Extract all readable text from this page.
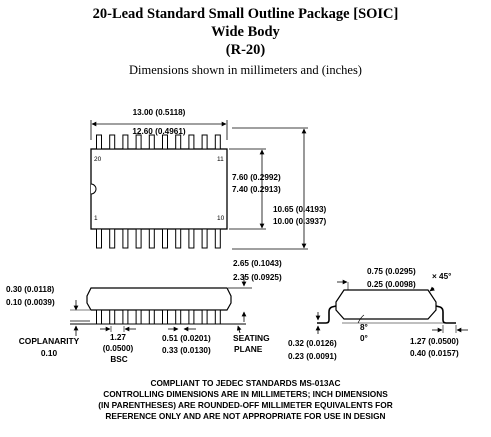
20-Lead Standard Small Outline Package [SOIC]
Wide Body
(R-20)
Dimensions shown in millimeters and (inches)
20	11
1	10
13.00 (0.5118)
12.60 (0.4961)
7.60 (0.2992)
7.40 (0.2913)
10.65 (0.4193)
10.00 (0.3937)
2.65 (0.1043)
2.35 (0.0925)
0.30 (0.0118)
0.10 (0.0039)
COPLANARITY
0.10
1.27
(0.0500)
BSC
0.51 (0.0201)
0.33 (0.0130)
SEATING
PLANE
0.75 (0.0295)
0.25 (0.0098)
× 45°
8°
0°
0.32 (0.0126)
0.23 (0.0091)
1.27 (0.0500)
0.40 (0.0157)
COMPLIANT TO JEDEC STANDARDS MS-013AC
CONTROLLING DIMENSIONS ARE IN MILLIMETERS; INCH DIMENSIONS
(IN PARENTHESES) ARE ROUNDED-OFF MILLIMETER EQUIVALENTS FOR
REFERENCE ONLY AND ARE NOT APPROPRIATE FOR USE IN DESIGN
